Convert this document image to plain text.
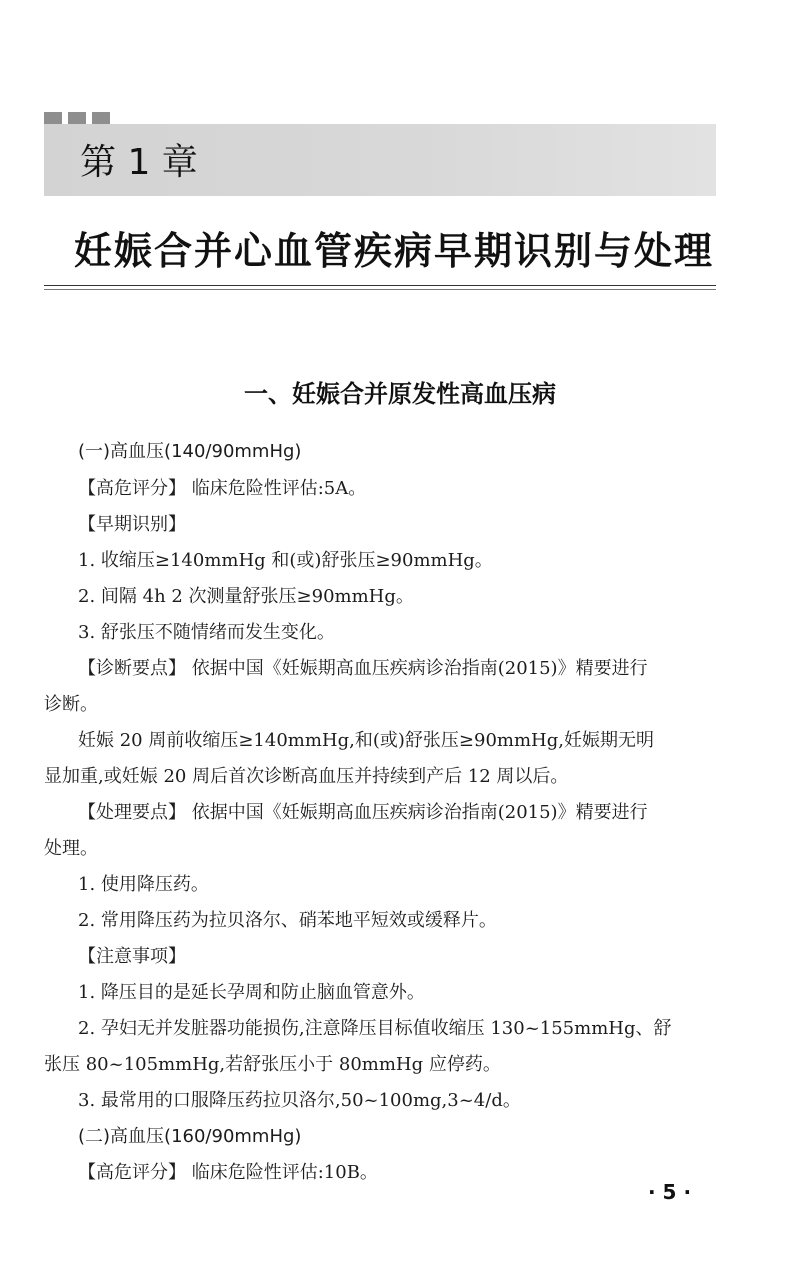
第 1 章
妊娠合并心血管疾病早期识别与处理
一、妊娠合并原发性高血压病
(一)高血压(140/90mmHg)
【高危评分】 临床危险性评估:5A。
【早期识别】
1. 收缩压≥140mmHg 和(或)舒张压≥90mmHg。
2. 间隔 4h 2 次测量舒张压≥90mmHg。
3. 舒张压不随情绪而发生变化。
【诊断要点】 依据中国《妊娠期高血压疾病诊治指南(2015)》精要进行
诊断。
妊娠 20 周前收缩压≥140mmHg,和(或)舒张压≥90mmHg,妊娠期无明
显加重,或妊娠 20 周后首次诊断高血压并持续到产后 12 周以后。
【处理要点】 依据中国《妊娠期高血压疾病诊治指南(2015)》精要进行
处理。
1. 使用降压药。
2. 常用降压药为拉贝洛尔、硝苯地平短效或缓释片。
【注意事项】
1. 降压目的是延长孕周和防止脑血管意外。
2. 孕妇无并发脏器功能损伤,注意降压目标值收缩压 130~155mmHg、舒
张压 80~105mmHg,若舒张压小于 80mmHg 应停药。
3. 最常用的口服降压药拉贝洛尔,50~100mg,3~4/d。
(二)高血压(160/90mmHg)
【高危评分】 临床危险性评估:10B。
· 5 ·
